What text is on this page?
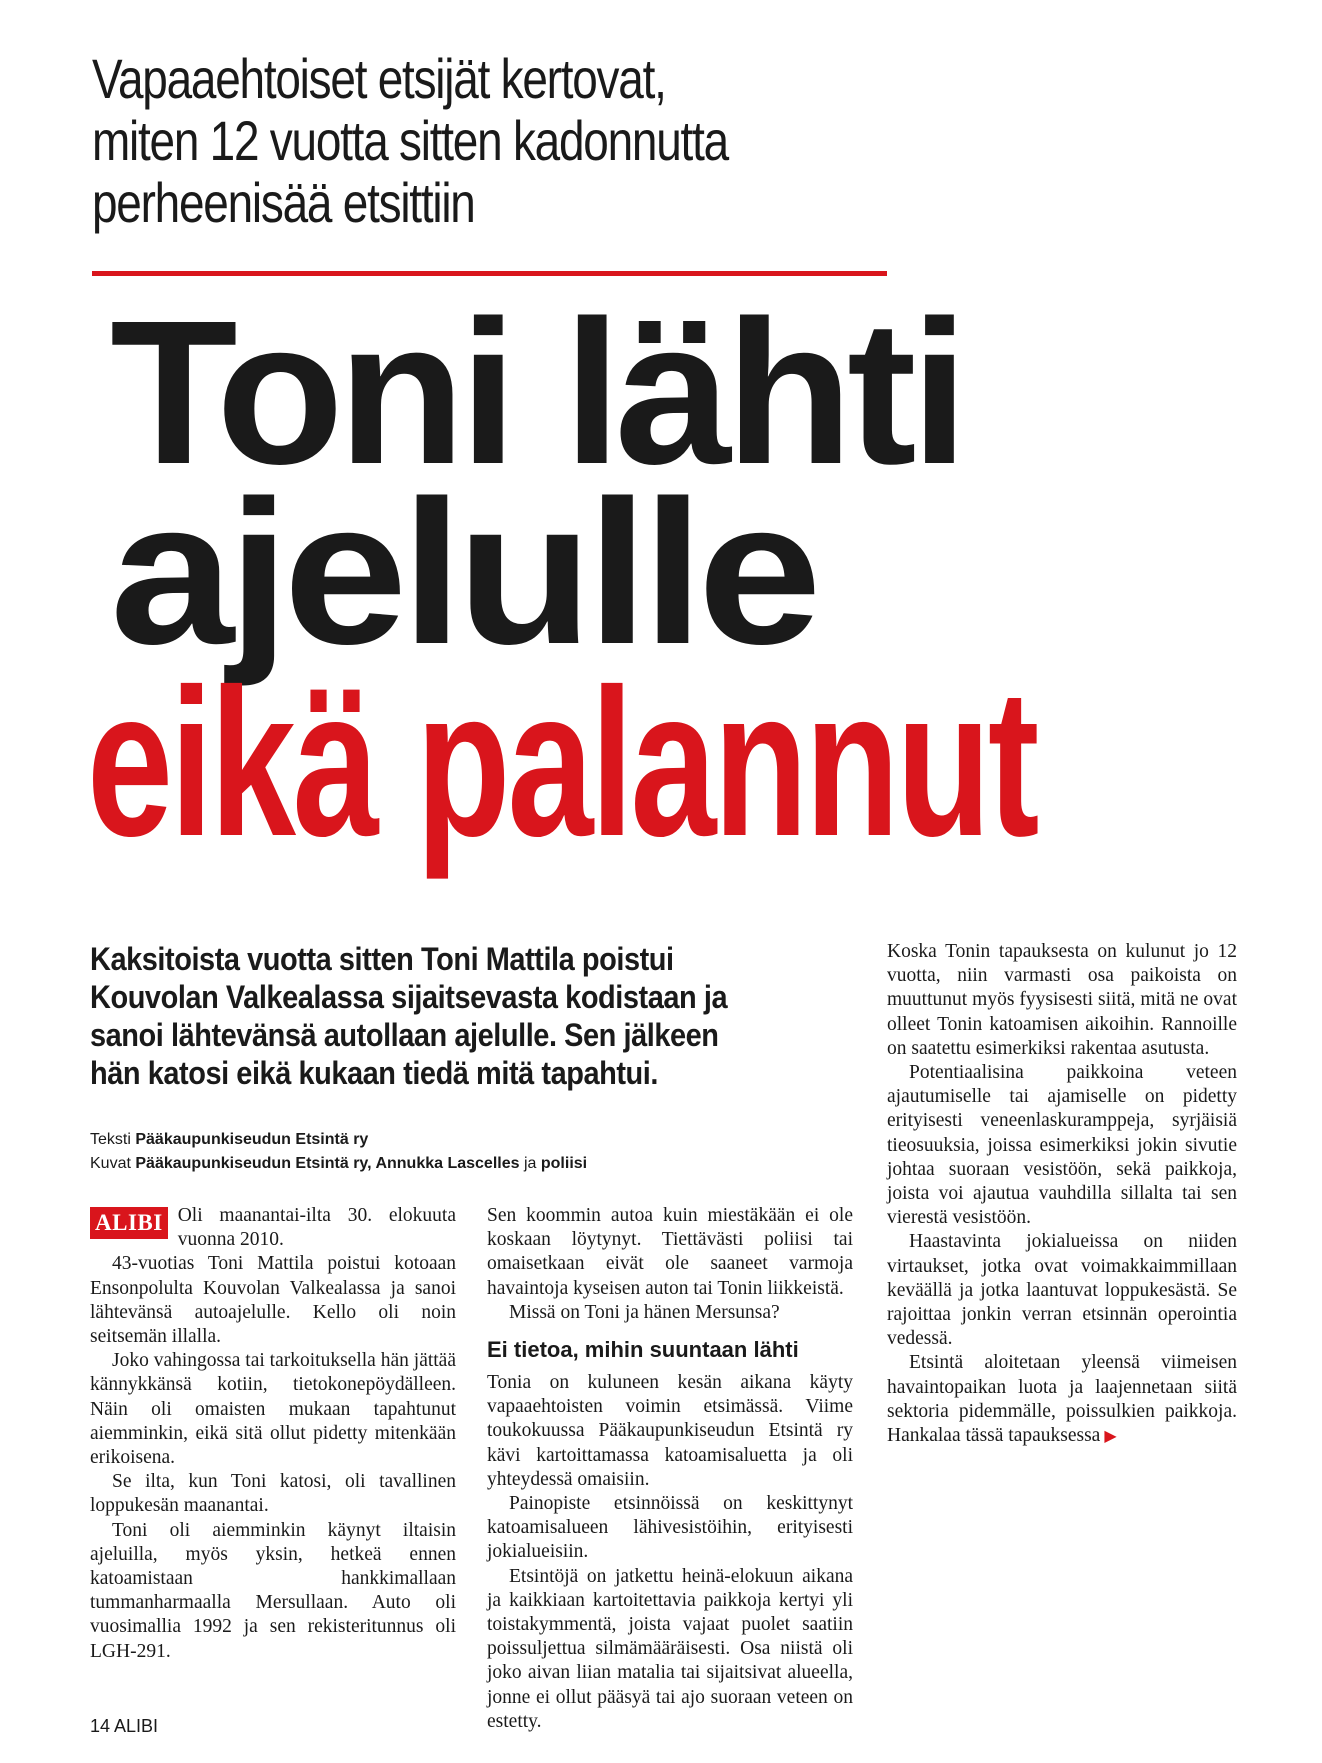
Vapaaehtoiset etsijät kertovat,
miten 12 vuotta sitten kadonnutta
perheenisää etsittiin
Toni lähti
ajelulle
eikä palannut
Kaksitoista vuotta sitten Toni Mattila poistui
Kouvolan Valkealassa sijaitsevasta kodistaan ja
sanoi lähtevänsä autollaan ajelulle. Sen jälkeen
hän katosi eikä kukaan tiedä mitä tapahtui.
Teksti Pääkaupunkiseudun Etsintä ry
Kuvat Pääkaupunkiseudun Etsintä ry, Annukka Lascelles ja poliisi

ALIBI Oli maanantai-ilta 30. elokuuta vuonna 2010.

43-vuotias Toni Mattila poistui kotoaan Ensonpolulta Kouvolan Valkealassa ja sanoi lähtevänsä autoajelulle. Kello oli noin seitsemän illalla.

Joko vahingossa tai tarkoituksella hän jättää kännykkänsä kotiin, tietokonepöydälleen. Näin oli omaisten mukaan tapahtunut aiemminkin, eikä sitä ollut pidetty mitenkään erikoisena.

Se ilta, kun Toni katosi, oli tavallinen loppukesän maanantai.

Toni oli aiemminkin käynyt iltaisin ajeluilla, myös yksin, hetkeä ennen katoamistaan hankkimallaan tummanharmaalla Mersullaan. Auto oli vuosimallia 1992 ja sen rekisteritunnus oli LGH-291.

Sen koommin autoa kuin miestäkään ei ole koskaan löytynyt. Tiettävästi poliisi tai omaisetkaan eivät ole saaneet varmoja havaintoja kyseisen auton tai Tonin liikkeistä.

Missä on Toni ja hänen Mersunsa?

Ei tietoa, mihin suuntaan lähti

Tonia on kuluneen kesän aikana käyty vapaaehtoisten voimin etsimässä. Viime toukokuussa Pääkaupunkiseudun Etsintä ry kävi kartoittamassa katoamisaluetta ja oli yhteydessä omaisiin.

Painopiste etsinnöissä on keskittynyt katoamisalueen lähivesistöihin, erityisesti jokialueisiin.

Etsintöjä on jatkettu heinä-elokuun aikana ja kaikkiaan kartoitettavia paikkoja kertyi yli toistakymmentä, joista vajaat puolet saatiin poissuljettua silmämääräisesti. Osa niistä oli joko aivan liian matalia tai sijaitsivat alueella, jonne ei ollut pääsyä tai ajo suoraan veteen on estetty.

Koska Tonin tapauksesta on kulunut jo 12 vuotta, niin varmasti osa paikoista on muuttunut myös fyysisesti siitä, mitä ne ovat olleet Tonin katoamisen aikoihin. Rannoille on saatettu esimerkiksi rakentaa asutusta.

Potentiaalisina paikkoina veteen ajautumiselle tai ajamiselle on pidetty erityisesti veneenlaskuramppeja, syrjäisiä tieosuuksia, joissa esimerkiksi jokin sivutie johtaa suoraan vesistöön, sekä paikkoja, joista voi ajautua vauhdilla sillalta tai sen vierestä vesistöön.

Haastavinta jokialueissa on niiden virtaukset, jotka ovat voimakkaimmillaan keväällä ja jotka laantuvat loppukesästä. Se rajoittaa jonkin verran etsinnän operointia vedessä.

Etsintä aloitetaan yleensä viimeisen havaintopaikan luota ja laajennetaan siitä sektoria pidemmälle, poissulkien paikkoja. Hankalaa tässä tapauksessa ▶

14 ALIBI
